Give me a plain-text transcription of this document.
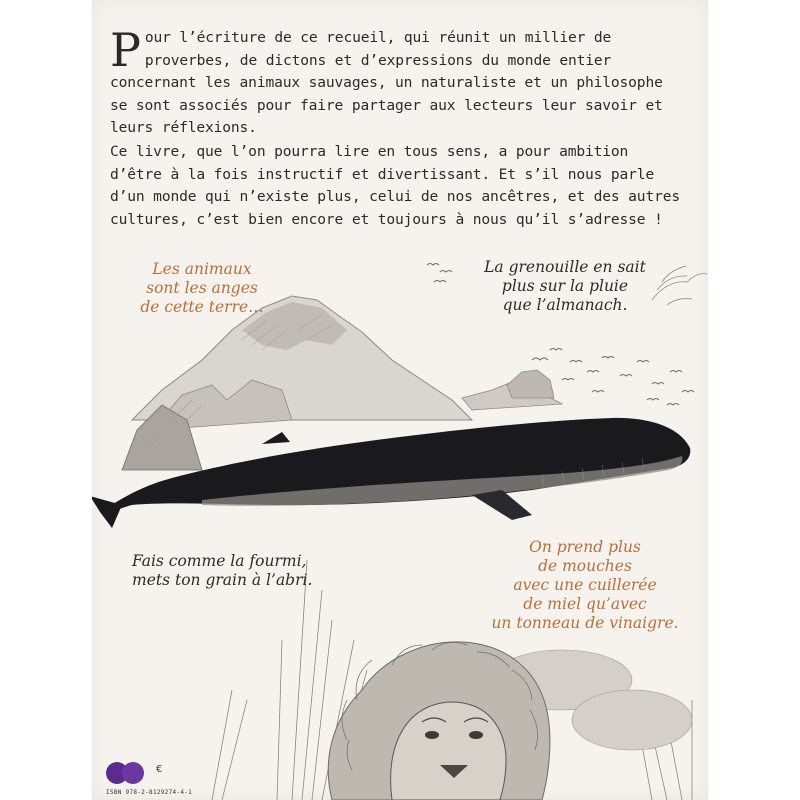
Pour l’écriture de ce recueil, qui réunit un millier de proverbes, de dictons et d’expressions du monde entier concernant les animaux sauvages, un naturaliste et un philosophe se sont associés pour faire partager aux lecteurs leur savoir et leurs réflexions.

Ce livre, que l’on pourra lire en tous sens, a pour ambition d’être à la fois instructif et divertissant. Et s’il nous parle d’un monde qui n’existe plus, celui de nos ancêtres, et des autres cultures, c’est bien encore et toujours à nous qu’il s’adresse !

Les animaux
sont les anges
de cette terre…

La grenouille en sait
plus sur la pluie
que l’almanach.

Fais comme la fourmi,
mets ton grain à l’abri.

On prend plus
de mouches
avec une cuillerée
de miel qu’avec
un tonneau de vinaigre.

€
ISBN 978-2-8129274-4-1
